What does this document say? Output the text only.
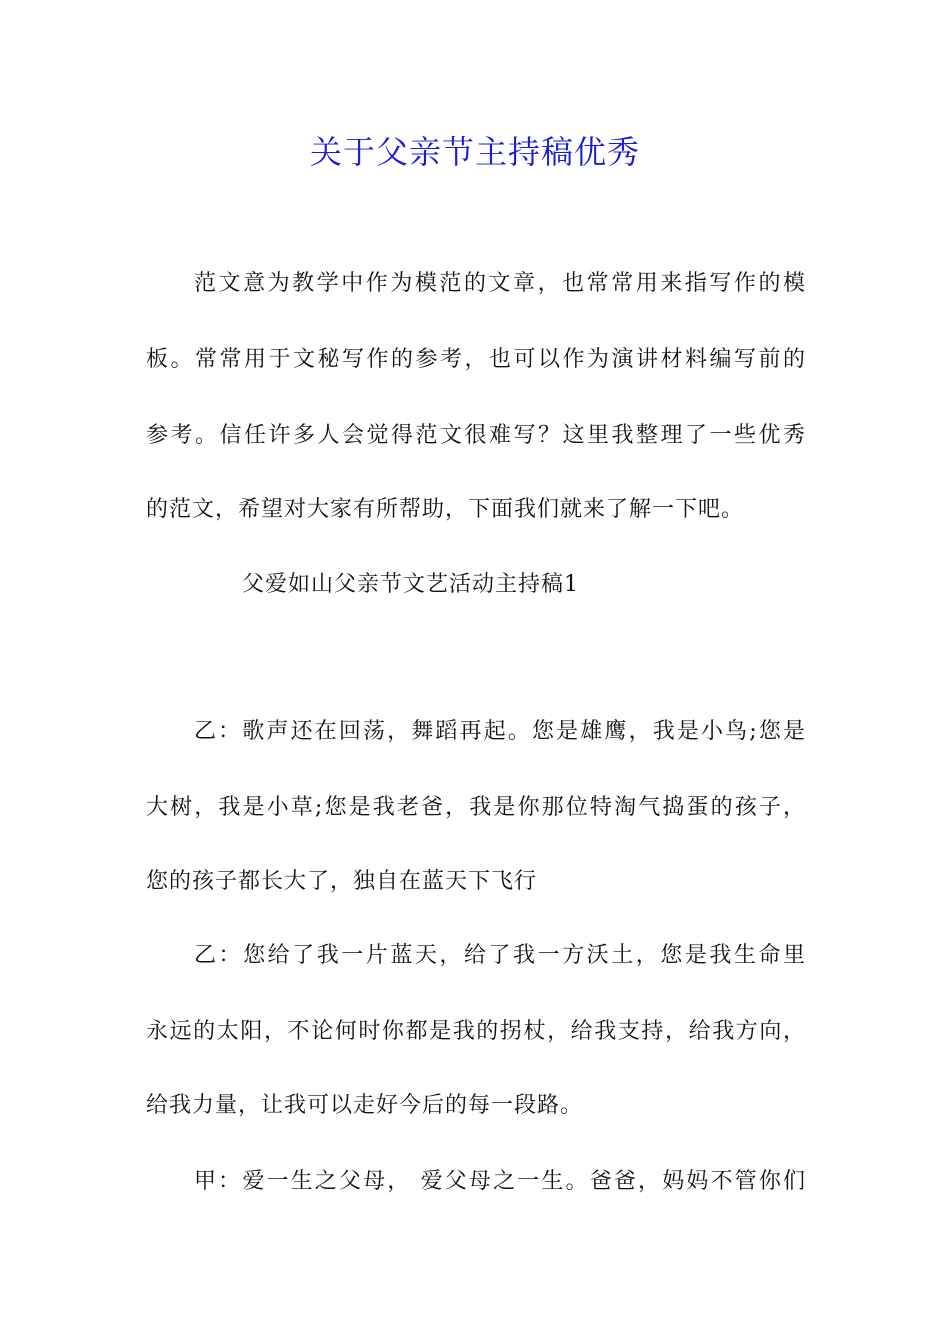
关于父亲节主持稿优秀
范文意为教学中作为模范的文章，也常常用来指写作的模
板。常常用于文秘写作的参考，也可以作为演讲材料编写前的
参考。信任许多人会觉得范文很难写？这里我整理了一些优秀
的范文，希望对大家有所帮助，下面我们就来了解一下吧。
父爱如山父亲节文艺活动主持稿1
乙：歌声还在回荡，舞蹈再起。您是雄鹰，我是小鸟;您是
大树，我是小草;您是我老爸，我是你那位特淘气捣蛋的孩子，
您的孩子都长大了，独自在蓝天下飞行
乙：您给了我一片蓝天，给了我一方沃土，您是我生命里
永远的太阳，不论何时你都是我的拐杖，给我支持，给我方向，
给我力量，让我可以走好今后的每一段路。
甲：爱一生之父母， 爱父母之一生。爸爸，妈妈不管你们
